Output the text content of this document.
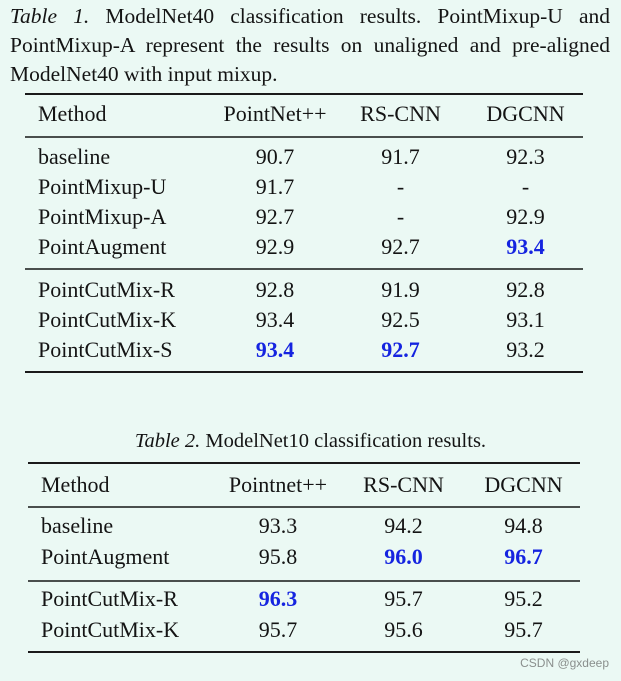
Table 1. ModelNet40 classification results. PointMixup-U and PointMixup-A represent the results on unaligned and pre-aligned ModelNet40 with input mixup.
Method	PointNet++	RS-CNN	DGCNN
baseline	90.7	91.7	92.3
PointMixup-U	91.7	-	-
PointMixup-A	92.7	-	92.9
PointAugment	92.9	92.7	93.4
PointCutMix-R	92.8	91.9	92.8
PointCutMix-K	93.4	92.5	93.1
PointCutMix-S	93.4	92.7	93.2
Table 2. ModelNet10 classification results.
Method	Pointnet++	RS-CNN	DGCNN
baseline	93.3	94.2	94.8
PointAugment	95.8	96.0	96.7
PointCutMix-R	96.3	95.7	95.2
PointCutMix-K	95.7	95.6	95.7
CSDN @gxdeep
